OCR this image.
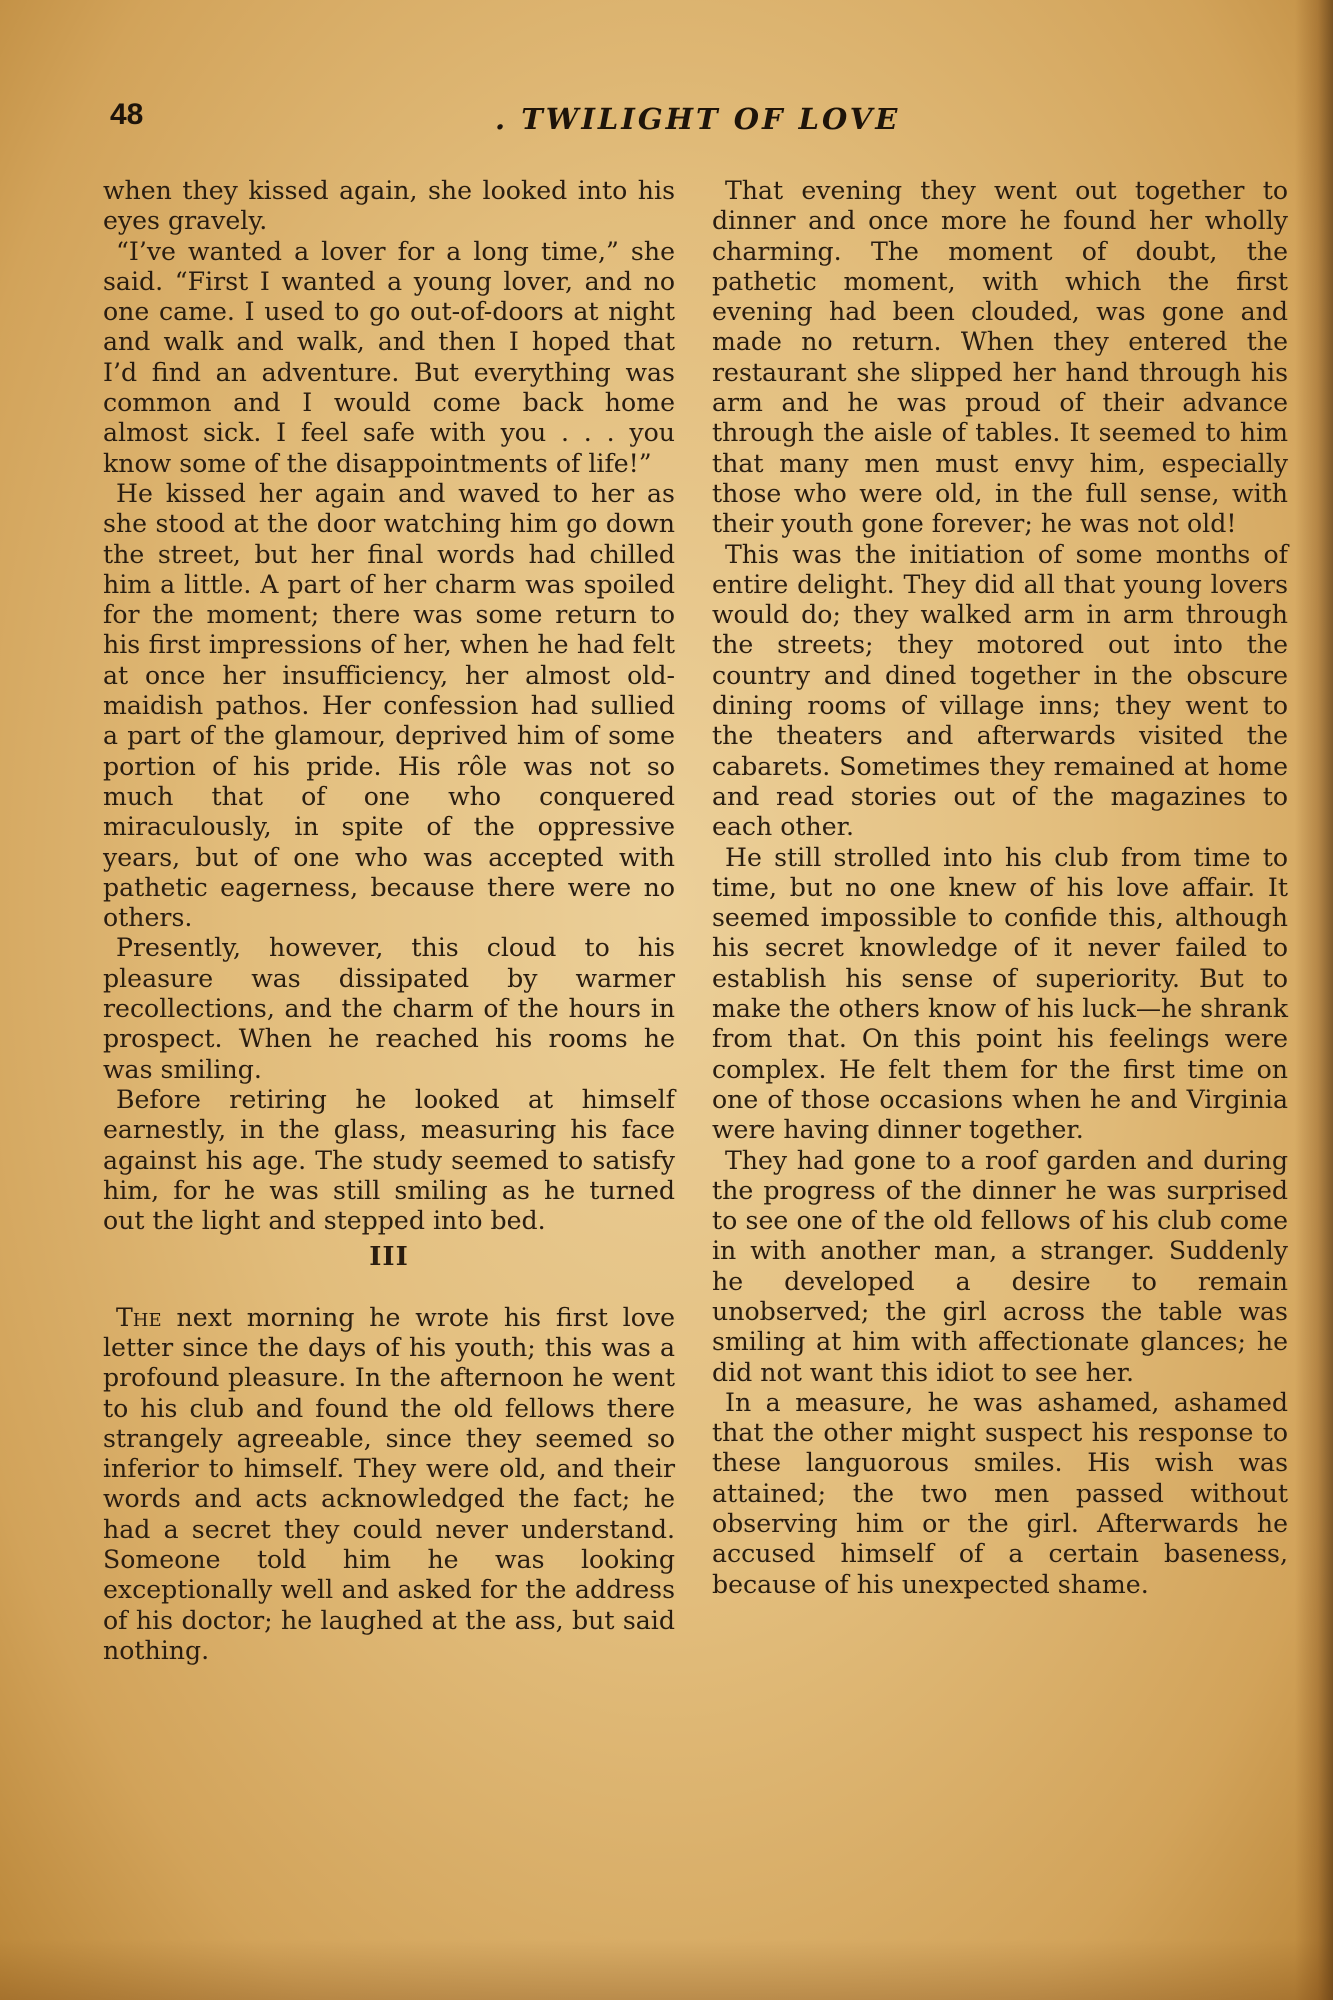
48	. TWILIGHT OF LOVE

when they kissed again, she looked into his eyes gravely.

“I’ve wanted a lover for a long time,” she said. “First I wanted a young lover, and no one came. I used to go out-of-doors at night and walk and walk, and then I hoped that I’d find an adventure. But everything was common and I would come back home almost sick. I feel safe with you . . . you know some of the disappointments of life!”

He kissed her again and waved to her as she stood at the door watching him go down the street, but her final words had chilled him a little. A part of her charm was spoiled for the moment; there was some return to his first impressions of her, when he had felt at once her insufficiency, her almost old-maidish pathos. Her confession had sullied a part of the glamour, deprived him of some portion of his pride. His rôle was not so much that of one who conquered miraculously, in spite of the oppressive years, but of one who was accepted with pathetic eagerness, because there were no others.

Presently, however, this cloud to his pleasure was dissipated by warmer recollections, and the charm of the hours in prospect. When he reached his rooms he was smiling.

Before retiring he looked at himself earnestly, in the glass, measuring his face against his age. The study seemed to satisfy him, for he was still smiling as he turned out the light and stepped into bed.

III

The next morning he wrote his first love letter since the days of his youth; this was a profound pleasure. In the afternoon he went to his club and found the old fellows there strangely agreeable, since they seemed so inferior to himself. They were old, and their words and acts acknowledged the fact; he had a secret they could never understand. Someone told him he was looking exceptionally well and asked for the address of his doctor; he laughed at the ass, but said nothing.

That evening they went out together to dinner and once more he found her wholly charming. The moment of doubt, the pathetic moment, with which the first evening had been clouded, was gone and made no return. When they entered the restaurant she slipped her hand through his arm and he was proud of their advance through the aisle of tables. It seemed to him that many men must envy him, especially those who were old, in the full sense, with their youth gone forever; he was not old!

This was the initiation of some months of entire delight. They did all that young lovers would do; they walked arm in arm through the streets; they motored out into the country and dined together in the obscure dining rooms of village inns; they went to the theaters and afterwards visited the cabarets. Sometimes they remained at home and read stories out of the magazines to each other.

He still strolled into his club from time to time, but no one knew of his love affair. It seemed impossible to confide this, although his secret knowledge of it never failed to establish his sense of superiority. But to make the others know of his luck—he shrank from that. On this point his feelings were complex. He felt them for the first time on one of those occasions when he and Virginia were having dinner together.

They had gone to a roof garden and during the progress of the dinner he was surprised to see one of the old fellows of his club come in with another man, a stranger. Suddenly he developed a desire to remain unobserved; the girl across the table was smiling at him with affectionate glances; he did not want this idiot to see her.

In a measure, he was ashamed, ashamed that the other might suspect his response to these languorous smiles. His wish was attained; the two men passed without observing him or the girl. Afterwards he accused himself of a certain baseness, because of his unexpected shame.
